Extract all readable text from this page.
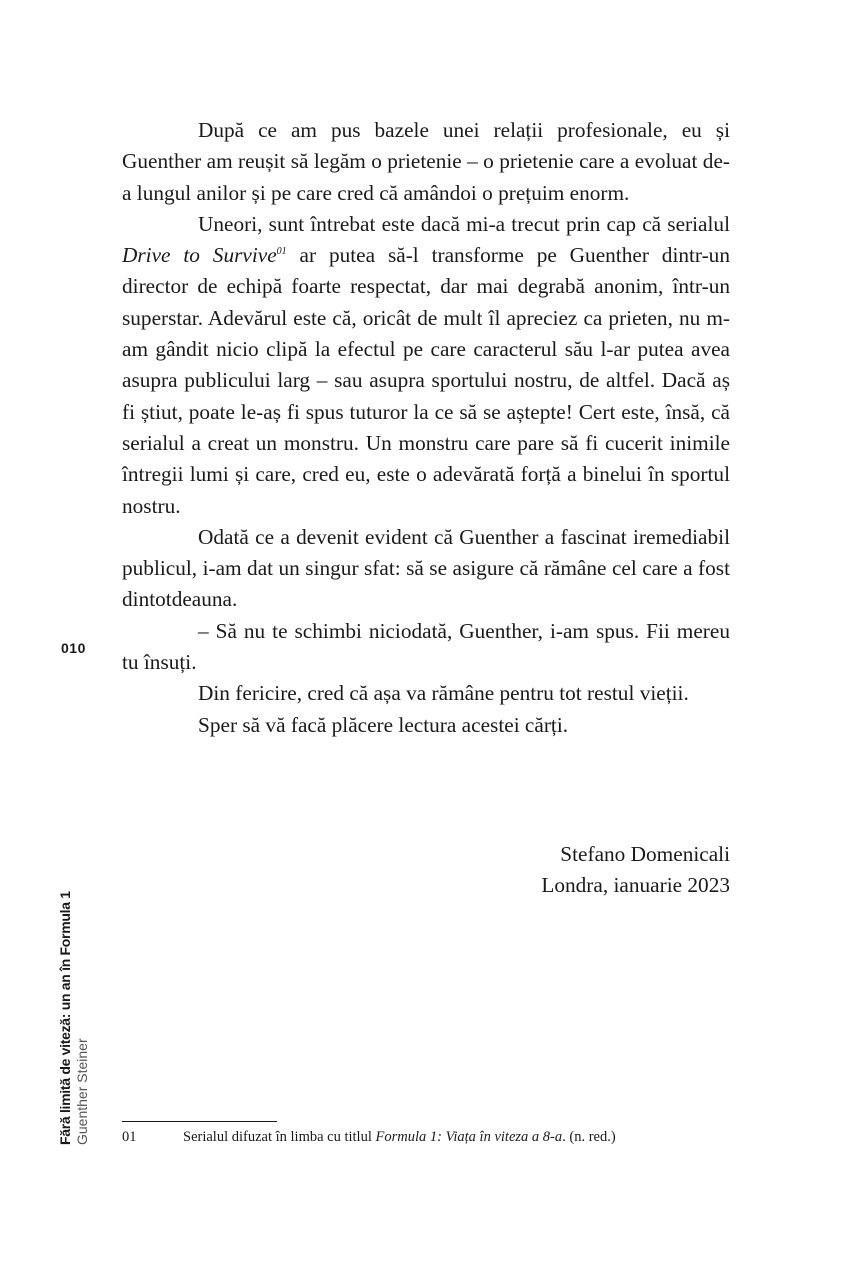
După ce am pus bazele unei relații profesionale, eu și Guenther am reușit să legăm o prietenie – o prietenie care a evoluat de-a lungul anilor și pe care cred că amândoi o prețuim enorm.

Uneori, sunt întrebat este dacă mi-a trecut prin cap că serialul Drive to Survive$^{01}$ ar putea să-l transforme pe Guenther dintr-un director de echipă foarte respectat, dar mai degrabă anonim, într-un superstar. Adevărul este că, oricât de mult îl apreciez ca prieten, nu m-am gândit nicio clipă la efectul pe care caracterul său l-ar putea avea asupra publicului larg – sau asupra sportului nostru, de altfel. Dacă aș fi știut, poate le-aș fi spus tuturor la ce să se aștepte! Cert este, însă, că serialul a creat un monstru. Un monstru care pare să fi cucerit inimile întregii lumi și care, cred eu, este o adevărată forță a binelui în sportul nostru.

Odată ce a devenit evident că Guenther a fascinat iremediabil publicul, i-am dat un singur sfat: să se asigure că rămâne cel care a fost dintotdeauna.

– Să nu te schimbi niciodată, Guenther, i-am spus. Fii mereu tu însuți.

Din fericire, cred că așa va rămâne pentru tot restul vieții.

Sper să vă facă plăcere lectura acestei cărți.

Stefano Domenicali
Londra, ianuarie 2023
010
Fără limită de viteză: un an în Formula 1 Guenther Steiner 01	Serialul difuzat în limba cu titlul Formula 1: Viața în viteza a 8-a. (n. red.)
